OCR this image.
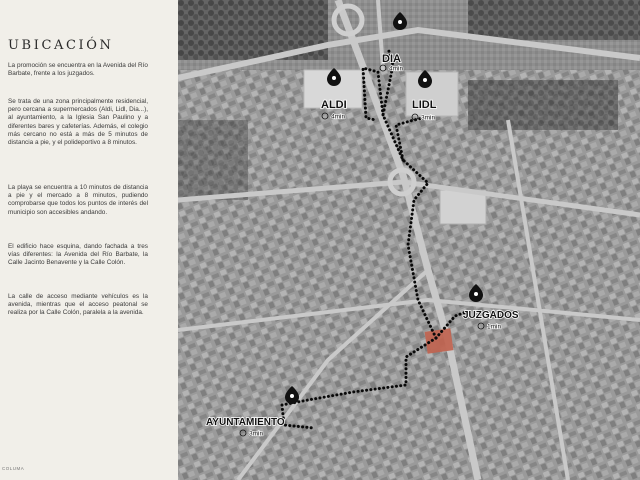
UBICACIÓN

La promoción se encuentra en la Avenida del Río Barbate, frente a los juzgados.

Se trata de una zona principalmente residencial, pero cercana a supermercados (Aldi, Lidl, Dia...), al ayuntamiento, a la Iglesia San Paulino y a diferentes bares y cafeterías. Además, el colegio más cercano no está a más de 5 minutos de distancia a pie, y el polideportivo a 8 minutos.

La playa se encuentra a 10 minutos de distancia a pie y el mercado a 8 minutos, pudiendo comprobarse que todos los puntos de interés del municipio son accesibles andando.

El edificio hace esquina, dando fachada a tres vías diferentes: la Avenida del Río Barbate, la Calle Jacinto Benavente y la Calle Colón.

La calle de acceso mediante vehículos es la avenida, mientras que el acceso peatonal se realiza por la Calle Colón, paralela a la avenida.

COLUMA
DIA
4min
ALDI
4min
LIDL
3min
JUZGADOS
1min
AYUNTAMIENTO
3min
